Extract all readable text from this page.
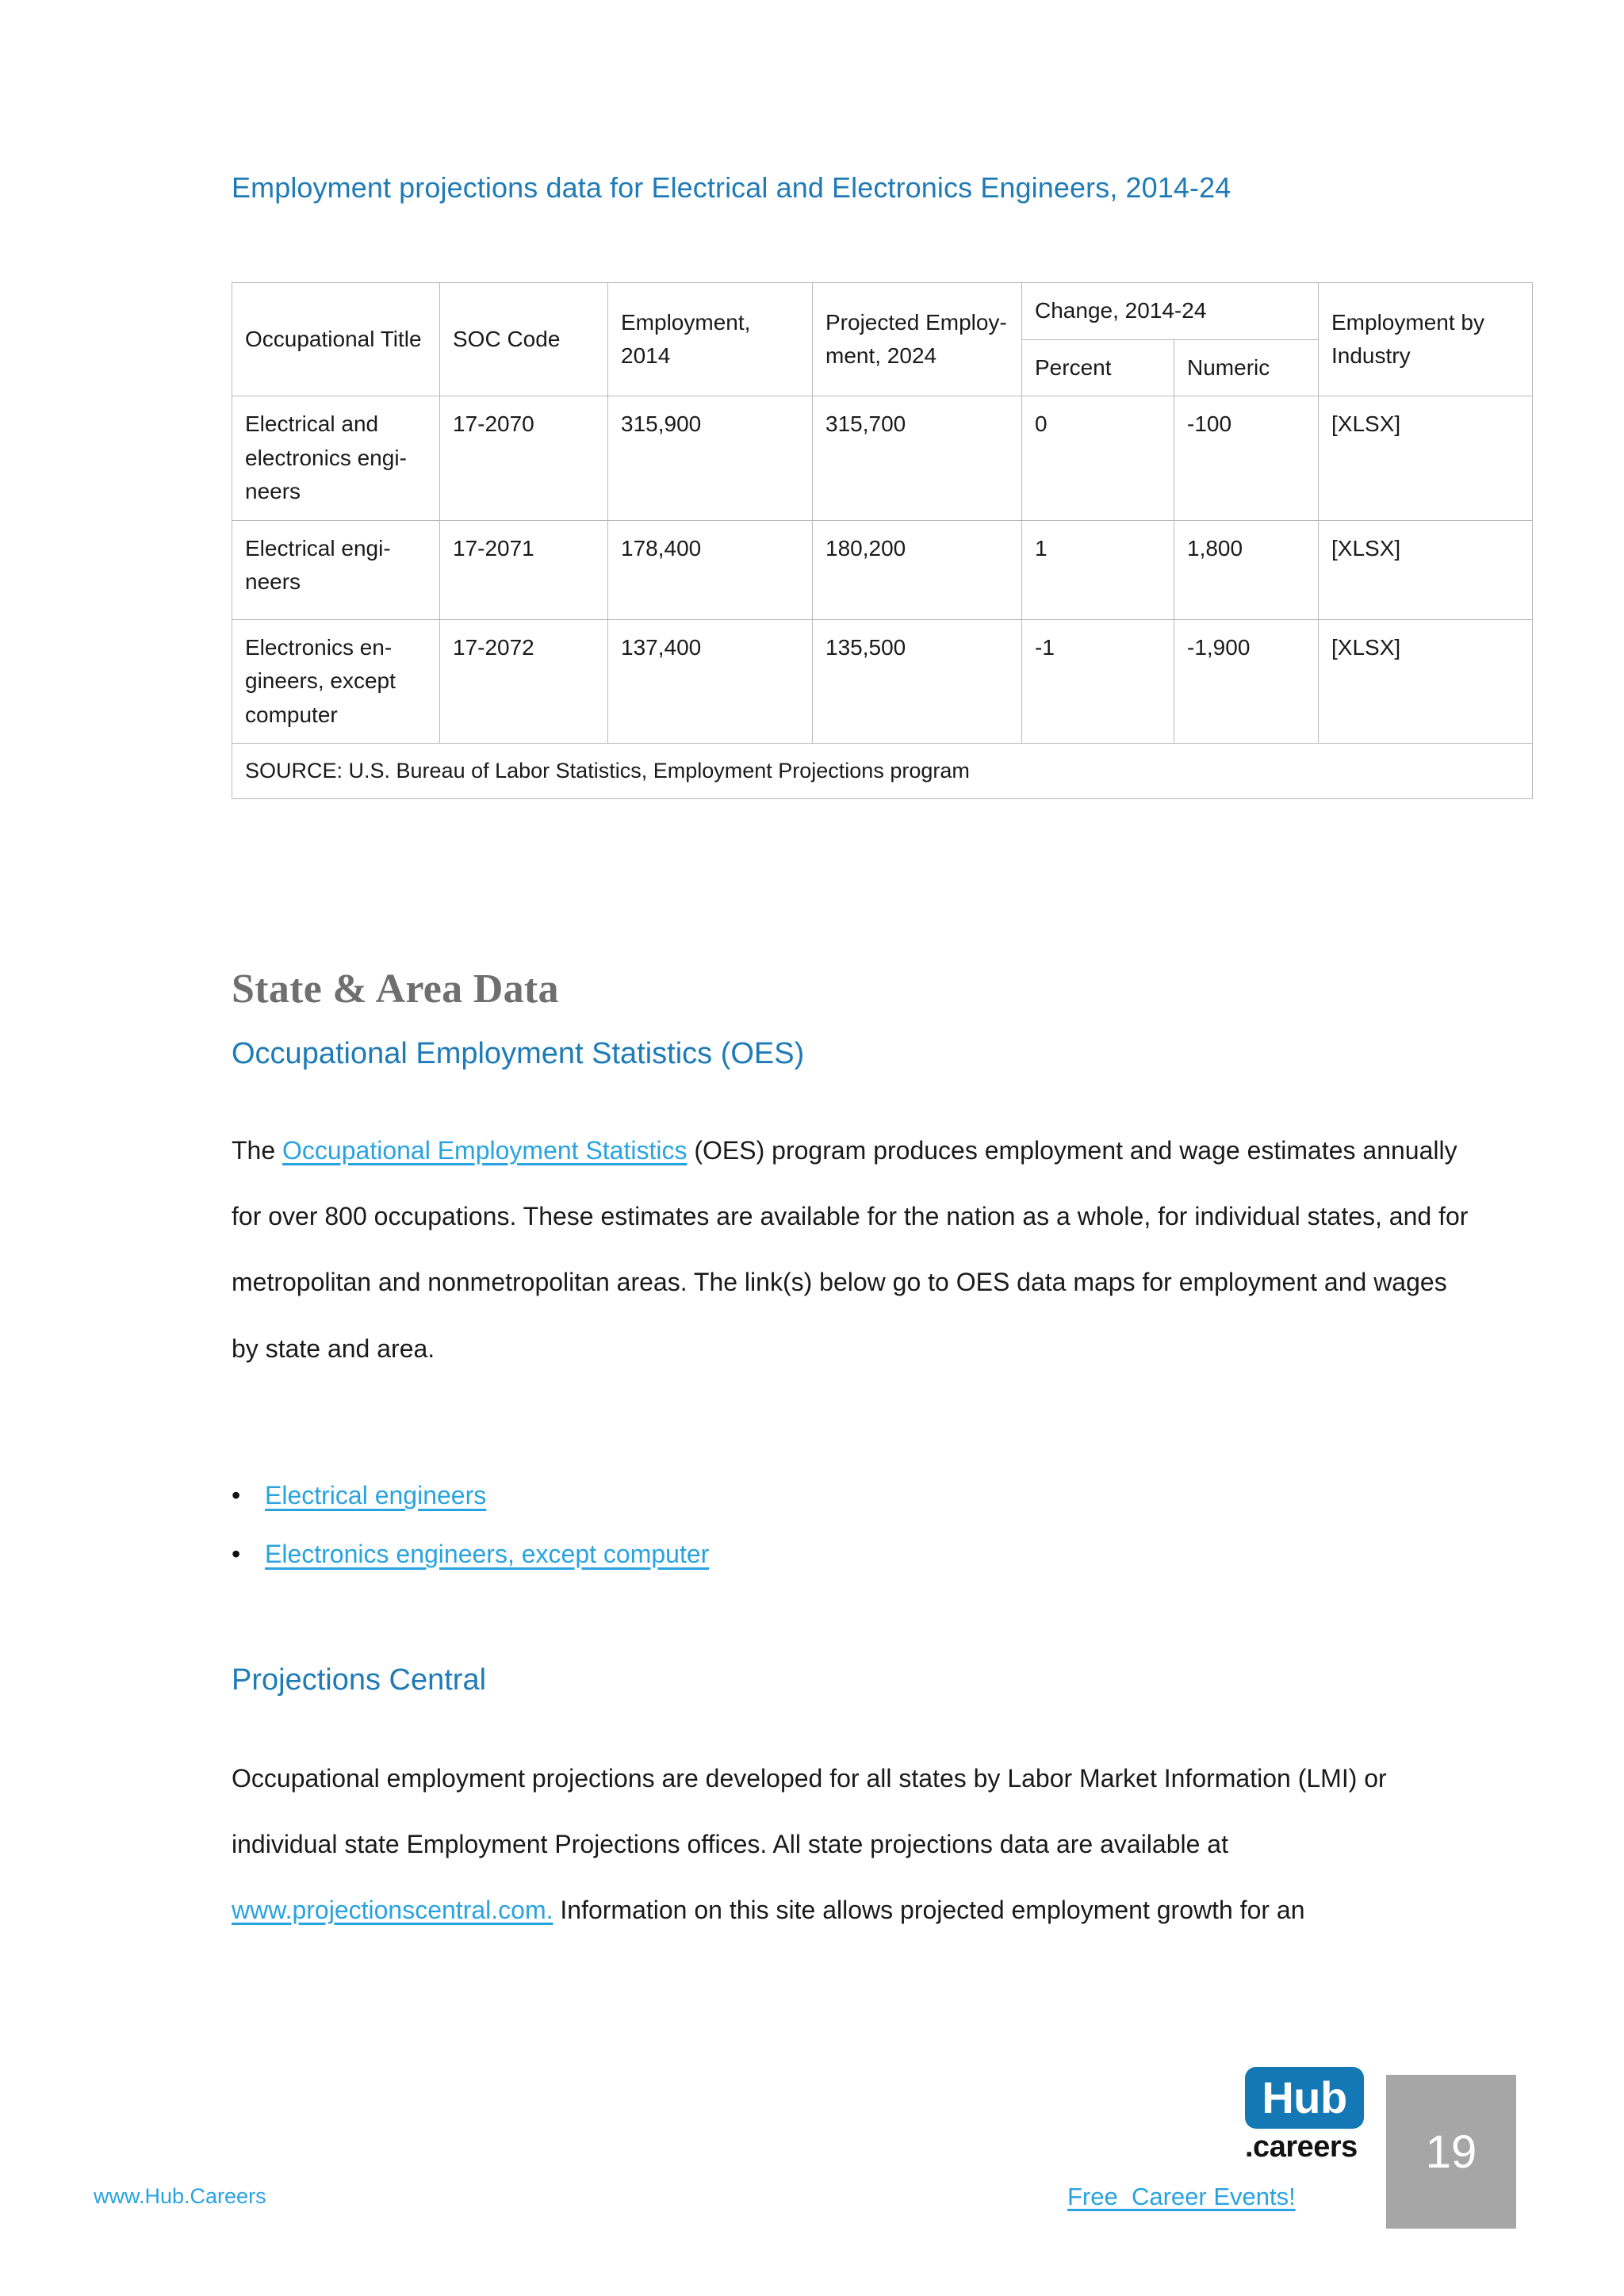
Employment projections data for Electrical and Electronics Engineers, 2014-24
Occupational Title	SOC Code	Employment, 2014	Projected Employment, 2024	Change, 2014-24		Employment by Industry
				Percent	Numeric	
Electrical and electronics engineers	17-2070	315,900	315,700	0	-100	[XLSX]
Electrical engineers	17-2071	178,400	180,200	1	1,800	[XLSX]
Electronics engineers, except computer	17-2072	137,400	135,500	-1	-1,900	[XLSX]
SOURCE: U.S. Bureau of Labor Statistics, Employment Projections program						
State & Area Data
Occupational Employment Statistics (OES)

The Occupational Employment Statistics (OES) program produces employment and wage estimates annually for over 800 occupations. These estimates are available for the nation as a whole, for individual states, and for metropolitan and nonmetropolitan areas. The link(s) below go to OES data maps for employment and wages by state and area.

• Electrical engineers
• Electronics engineers, except computer
Projections Central

Occupational employment projections are developed for all states by Labor Market Information (LMI) or individual state Employment Projections offices. All state projections data are available at www.projectionscentral.com. Information on this site allows projected employment growth for an

www.Hub.Careers	Free  Career Events!
Hub
.careers	19
